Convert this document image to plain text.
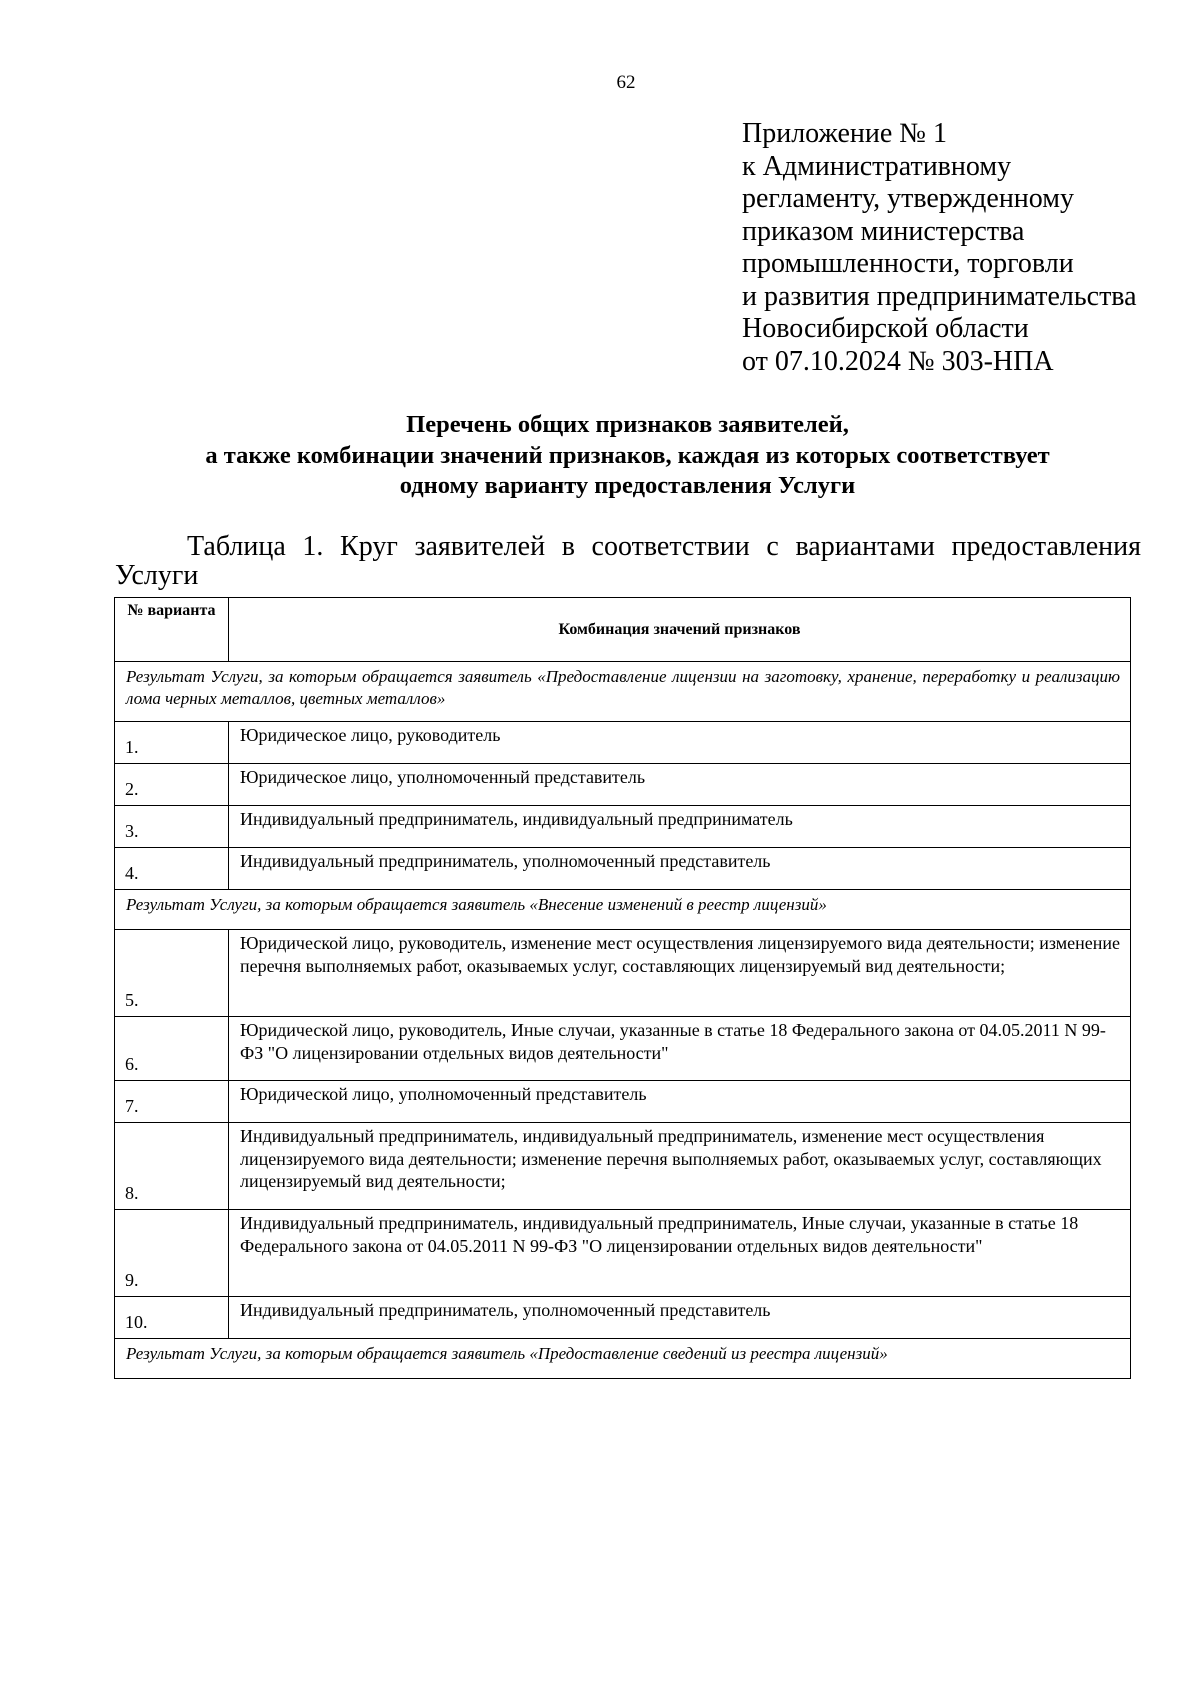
62
Приложение № 1
к Административному
регламенту, утвержденному
приказом министерства
промышленности, торговли
и развития предпринимательства
Новосибирской области
от 07.10.2024 № 303-НПА
Перечень общих признаков заявителей,
а также комбинации значений признаков, каждая из которых соответствует
одному варианту предоставления Услуги
Таблица 1. Круг заявителей в соответствии с вариантами предоставления Услуги
№ варианта	Комбинация значений признаков
Результат Услуги, за которым обращается заявитель «Предоставление лицензии на заготовку, хранение, переработку и реализацию лома черных металлов, цветных металлов»	
1.	Юридическое лицо, руководитель
2.	Юридическое лицо, уполномоченный представитель
3.	Индивидуальный предприниматель, индивидуальный предприниматель
4.	Индивидуальный предприниматель, уполномоченный представитель
Результат Услуги, за которым обращается заявитель «Внесение изменений в реестр лицензий»	
5.	Юридической лицо, руководитель, изменение мест осуществления лицензируемого вида деятельности; изменение перечня выполняемых работ, оказываемых услуг, составляющих лицензируемый вид деятельности;
6.	Юридической лицо, руководитель, Иные случаи, указанные в статье 18 Федерального закона от 04.05.2011 N 99-ФЗ "О лицензировании отдельных видов деятельности"
7.	Юридической лицо, уполномоченный представитель
8.	Индивидуальный предприниматель, индивидуальный предприниматель, изменение мест осуществления лицензируемого вида деятельности; изменение перечня выполняемых работ, оказываемых услуг, составляющих лицензируемый вид деятельности;
9.	Индивидуальный предприниматель, индивидуальный предприниматель, Иные случаи, указанные в статье 18 Федерального закона от 04.05.2011 N 99-ФЗ "О лицензировании отдельных видов деятельности"
10.	Индивидуальный предприниматель, уполномоченный представитель
Результат Услуги, за которым обращается заявитель «Предоставление сведений из реестра лицензий»	
